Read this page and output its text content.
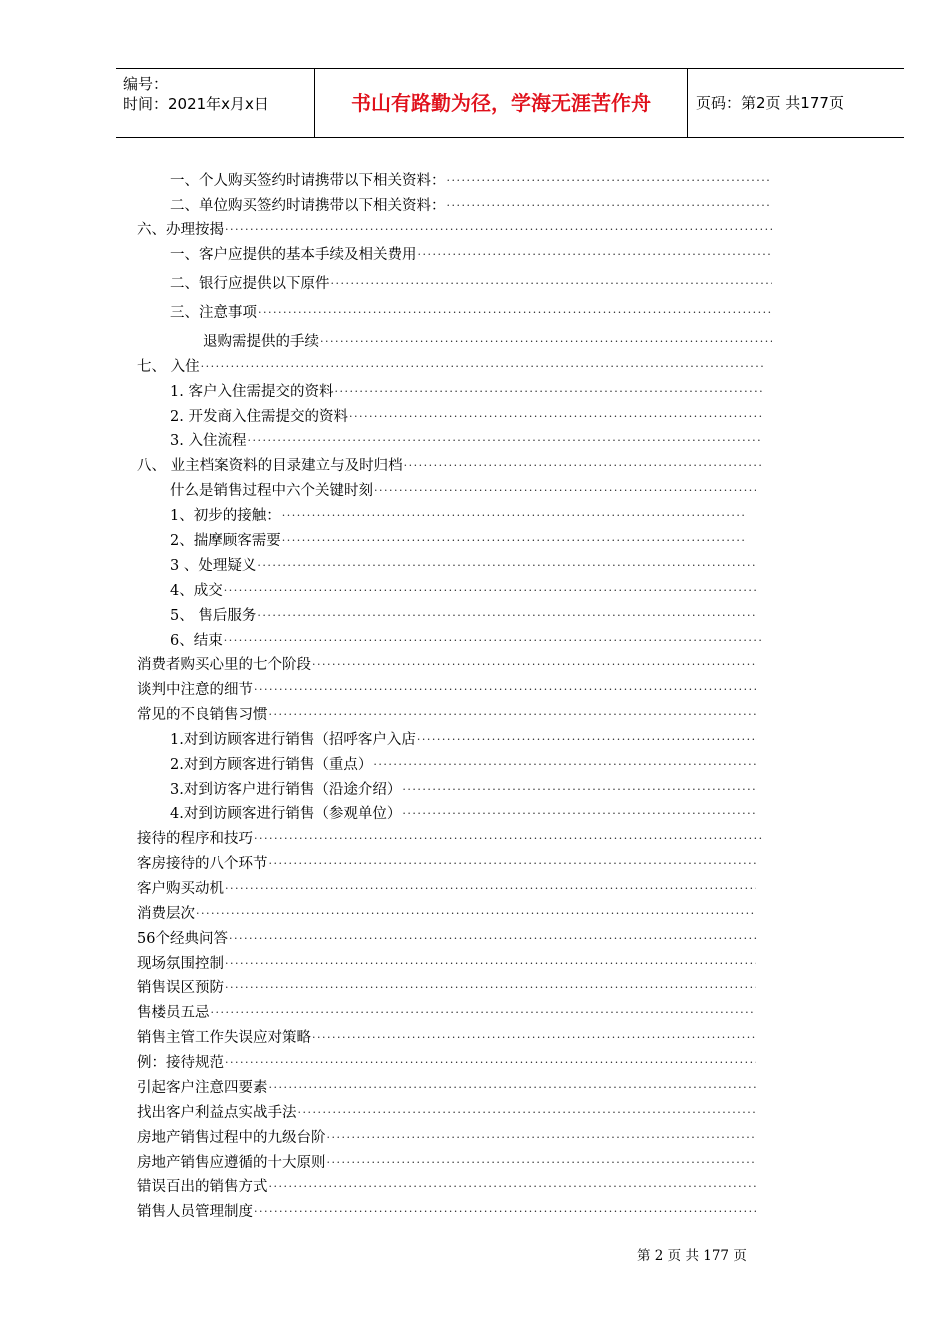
编号：
时间：2021年x月x日	书山有路勤为径，学海无涯苦作舟	页码：第2页 共177页
一、个人购买签约时请携带以下相关资料：
·····
二、单位购买签约时请携带以下相关资料：
·····
六、办理按揭
·····
一、客户应提供的基本手续及相关费用
·····
二、银行应提供以下原件
·····
三、注意事项
·····
退购需提供的手续
·····
七、 入住
·····
1. 客户入住需提交的资料
·····
2. 开发商入住需提交的资料
·····
3. 入住流程
·····
八、 业主档案资料的目录建立与及时归档
·····
什么是销售过程中六个关键时刻
·····
1、初步的接触：
·····
2、揣摩顾客需要
·····
3 、处理疑义
·····
4、成交
·····
5、 售后服务
·····
6、结束
·····
消费者购买心里的七个阶段
·····
谈判中注意的细节
·····
常见的不良销售习惯
·····
1.对到访顾客进行销售（招呼客户入店
·····
2.对到方顾客进行销售（重点）
·····
3.对到访客户进行销售（沿途介绍）
·····
4.对到访顾客进行销售（参观单位）
·····
接待的程序和技巧
·····
客房接待的八个环节
·····
客户购买动机
·····
消费层次
·····
56个经典问答
·····
现场氛围控制
·····
销售误区预防
·····
售楼员五忌
·····
销售主管工作失误应对策略
·····
例：接待规范
·····
引起客户注意四要素
·····
找出客户利益点实战手法
·····
房地产销售过程中的九级台阶
·····
房地产销售应遵循的十大原则
·····
错误百出的销售方式
·····
销售人员管理制度
·····
第 2 页 共 177 页
